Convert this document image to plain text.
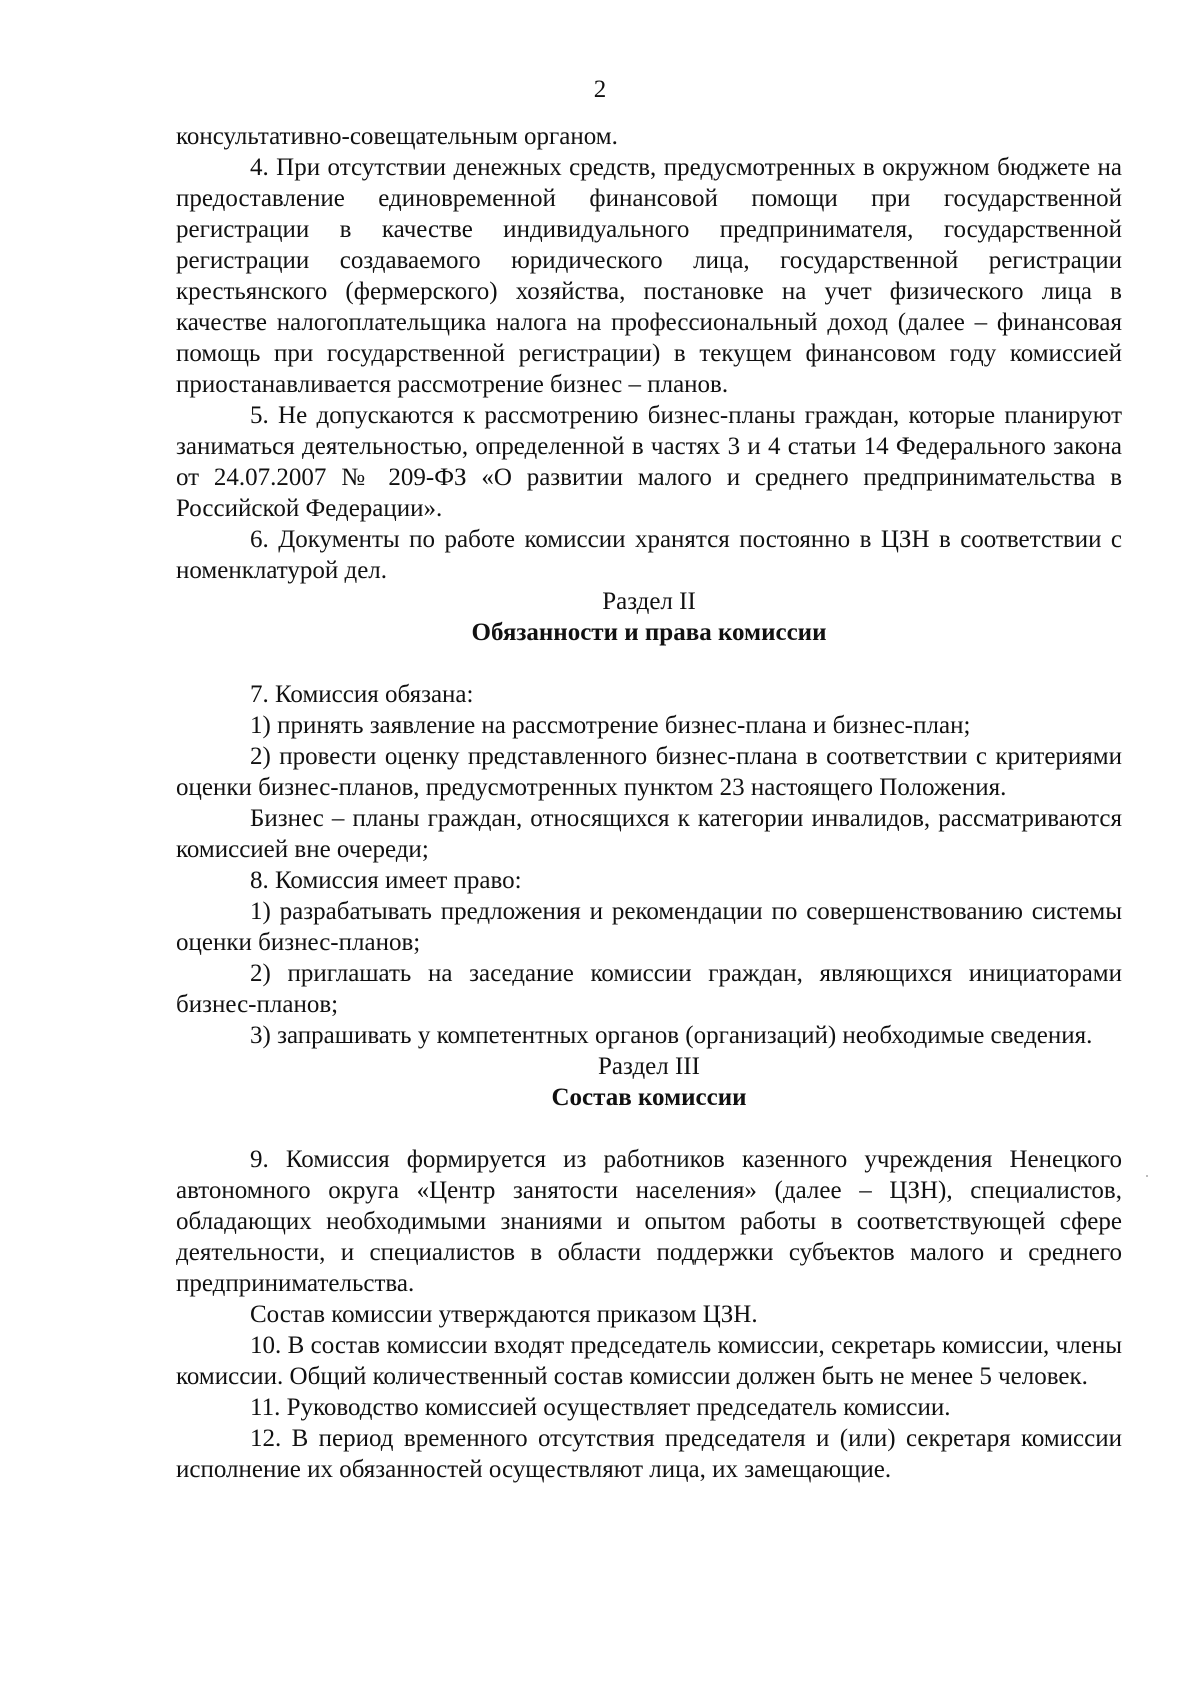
2

консультативно-совещательным органом.

4. При отсутствии денежных средств, предусмотренных в окружном бюджете на предоставление единовременной финансовой помощи при государственной регистрации в качестве индивидуального предпринимателя, государственной регистрации создаваемого юридического лица, государственной регистрации крестьянского (фермерского) хозяйства, постановке на учет физического лица в качестве налогоплательщика налога на профессиональный доход (далее – финансовая помощь при государственной регистрации) в текущем финансовом году комиссией приостанавливается рассмотрение бизнес – планов.

5. Не допускаются к рассмотрению бизнес-планы граждан, которые планируют заниматься деятельностью, определенной в частях 3 и 4 статьи 14 Федерального закона от 24.07.2007 № 209-ФЗ «О развитии малого и среднего предпринимательства в Российской Федерации».

6. Документы по работе комиссии хранятся постоянно в ЦЗН в соответствии с номенклатурой дел.

Раздел II
Обязанности и права комиссии

7. Комиссия обязана:

1) принять заявление на рассмотрение бизнес-плана и бизнес-план;

2) провести оценку представленного бизнес-плана в соответствии с критериями оценки бизнес-планов, предусмотренных пунктом 23 настоящего Положения.

Бизнес – планы граждан, относящихся к категории инвалидов, рассматриваются комиссией вне очереди;

8. Комиссия имеет право:

1) разрабатывать предложения и рекомендации по совершенствованию системы оценки бизнес-планов;

2) приглашать на заседание комиссии граждан, являющихся инициаторами бизнес-планов;

3) запрашивать у компетентных органов (организаций) необходимые сведения.

Раздел III
Состав комиссии

9. Комиссия формируется из работников казенного учреждения Ненецкого автономного округа «Центр занятости населения» (далее – ЦЗН), специалистов, обладающих необходимыми знаниями и опытом работы в соответствующей сфере деятельности, и специалистов в области поддержки субъектов малого и среднего предпринимательства.

Состав комиссии утверждаются приказом ЦЗН.

10. В состав комиссии входят председатель комиссии, секретарь комиссии, члены комиссии. Общий количественный состав комиссии должен быть не менее 5 человек.

11. Руководство комиссией осуществляет председатель комиссии.

12. В период временного отсутствия председателя и (или) секретаря комиссии исполнение их обязанностей осуществляют лица, их замещающие.
